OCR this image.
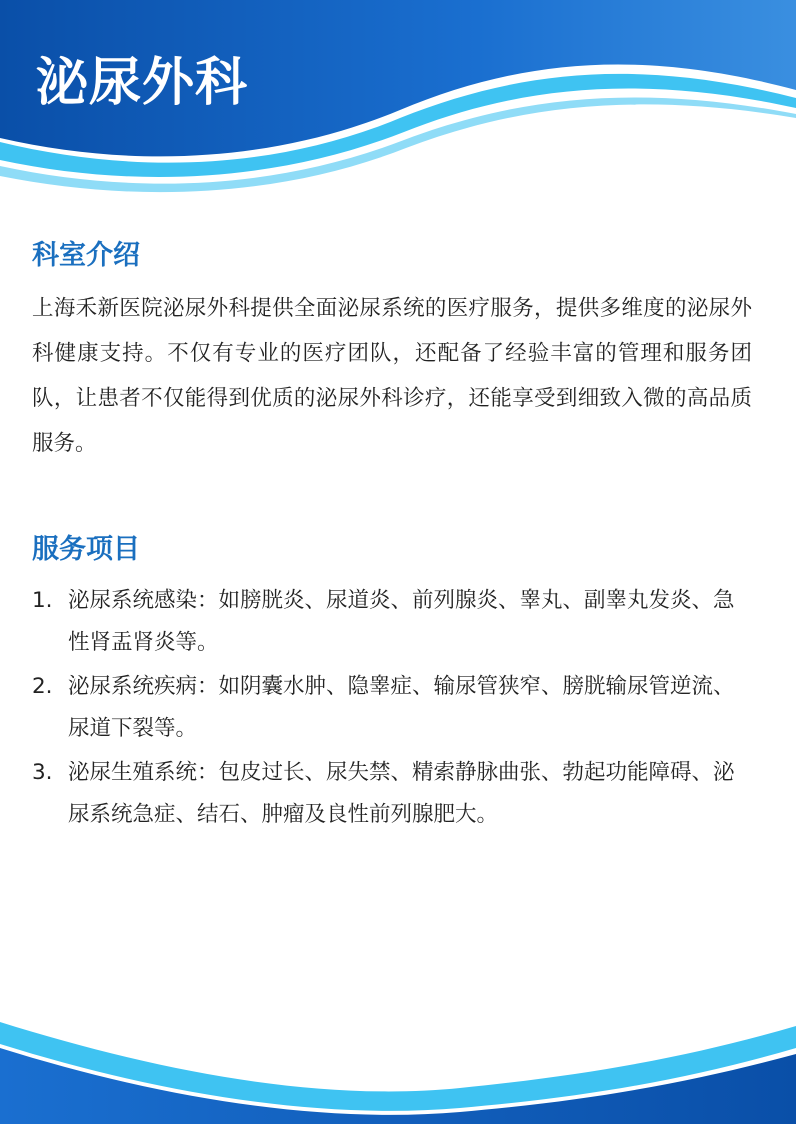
泌尿外科
科室介绍

上海禾新医院泌尿外科提供全面泌尿系统的医疗服务，提供多维度的泌尿外科健康支持。不仅有专业的医疗团队，还配备了经验丰富的管理和服务团队，让患者不仅能得到优质的泌尿外科诊疗，还能享受到细致入微的高品质服务。

服务项目
1. 泌尿系统感染：如膀胱炎、尿道炎、前列腺炎、睾丸、副睾丸发炎、急性肾盂肾炎等。
2. 泌尿系统疾病：如阴囊水肿、隐睾症、输尿管狭窄、膀胱输尿管逆流、尿道下裂等。
3. 泌尿生殖系统：包皮过长、尿失禁、精索静脉曲张、勃起功能障碍、泌尿系统急症、结石、肿瘤及良性前列腺肥大。
